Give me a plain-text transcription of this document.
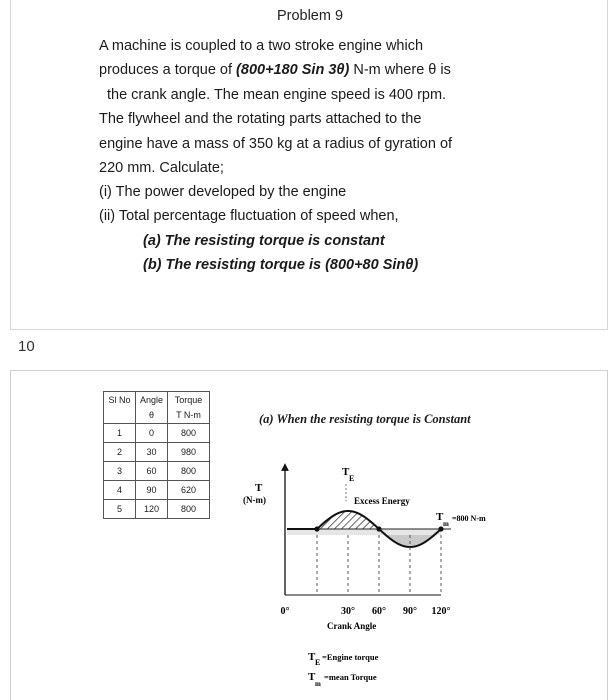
Problem 9
A machine is coupled to a two stroke engine which
produces a torque of (800+180 Sin 3θ) N-m where θ is
the crank angle. The mean engine speed is 400 rpm.
The flywheel and the rotating parts attached to the
engine have a mass of 350 kg at a radius of gyration of
220 mm. Calculate;
(i) The power developed by the engine
(ii) Total percentage fluctuation of speed when,
(a) The resisting torque is constant
(b) The resisting torque is (800+80 Sinθ)
10
Sl No	Angle	Torque
	θ	T N-m
1	0	800
2	30	980
3	60	800
4	90	620
5	120	800
(a) When the resisting torque is Constant
T
(N-m)
T
E
Excess Energy
T
m
=800 N-m
0°	30° 60° 90° 120°
Crank Angle
T E
=Engine torque
T
m
=mean Torque
